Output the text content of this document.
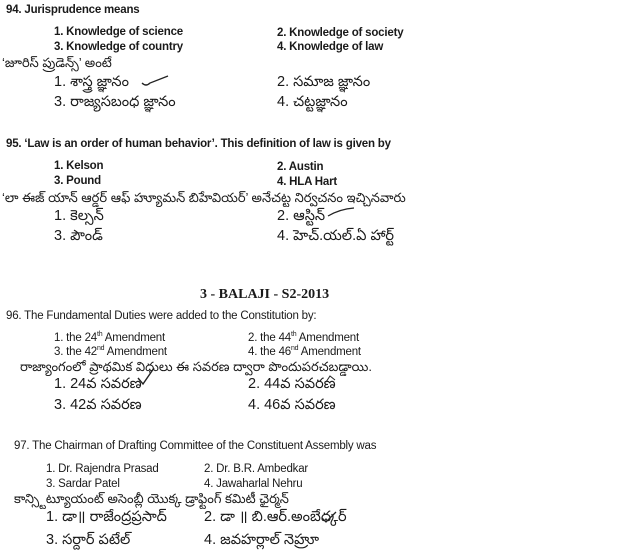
94. Jurisprudence means
1. Knowledge of science	2. Knowledge of society
3. Knowledge of country	4. Knowledge of law
‘జూరిస్ ప్రుడెన్స్’ అంటే
1. శాస్త్ర జ్ఞానం	2. సమాజ జ్ఞానం
3. రాజ్యసబంధ జ్ఞానం	4. చట్టజ్ఞానం
95. ‘Law is an order of human behavior’. This definition of law is given by
1. Kelson	2. Austin
3. Pound	4. HLA Hart
‘లా ఈజ్ యాన్ ఆర్డర్ ఆఫ్ హ్యూమన్ బిహేవియర్’ అనేచట్ట నిర్వచనం ఇచ్చినవారు
1. కెల్సన్	2. ఆస్టిన్
3. పౌండ్	4. హెచ్.యల్.ఏ హార్ట్
3 - BALAJI - S2-2013
96. The Fundamental Duties were added to the Constitution by:
1. the 24th Amendment	2. the 44th Amendment
3. the 42nd Amendment	4. the 46nd Amendment
రాజ్యాంగంలో ప్రాథమిక విధులు ఈ సవరణ ద్వారా పొందుపరచబడ్డాయి.
1. 24వ సవరణ	2. 44వ సవరణ
3. 42వ సవరణ	4. 46వ సవరణ
97. The Chairman of Drafting Committee of the Constituent Assembly was
1. Dr. Rajendra Prasad	2. Dr. B.R. Ambedkar
3. Sardar Patel	4. Jawaharlal Nehru
కాన్స్టిట్యూయంట్ అసెంబ్లీ యొక్క డ్రాఫ్టింగ్ కమిటీ ఛైర్మన్
1. డా॥ రాజేంద్రప్రసాద్	2. డా ॥ బి.ఆర్.అంబేద్కర్
3. సర్దార్ పటేల్	4. జవహర్లాల్ నెహ్రూ
